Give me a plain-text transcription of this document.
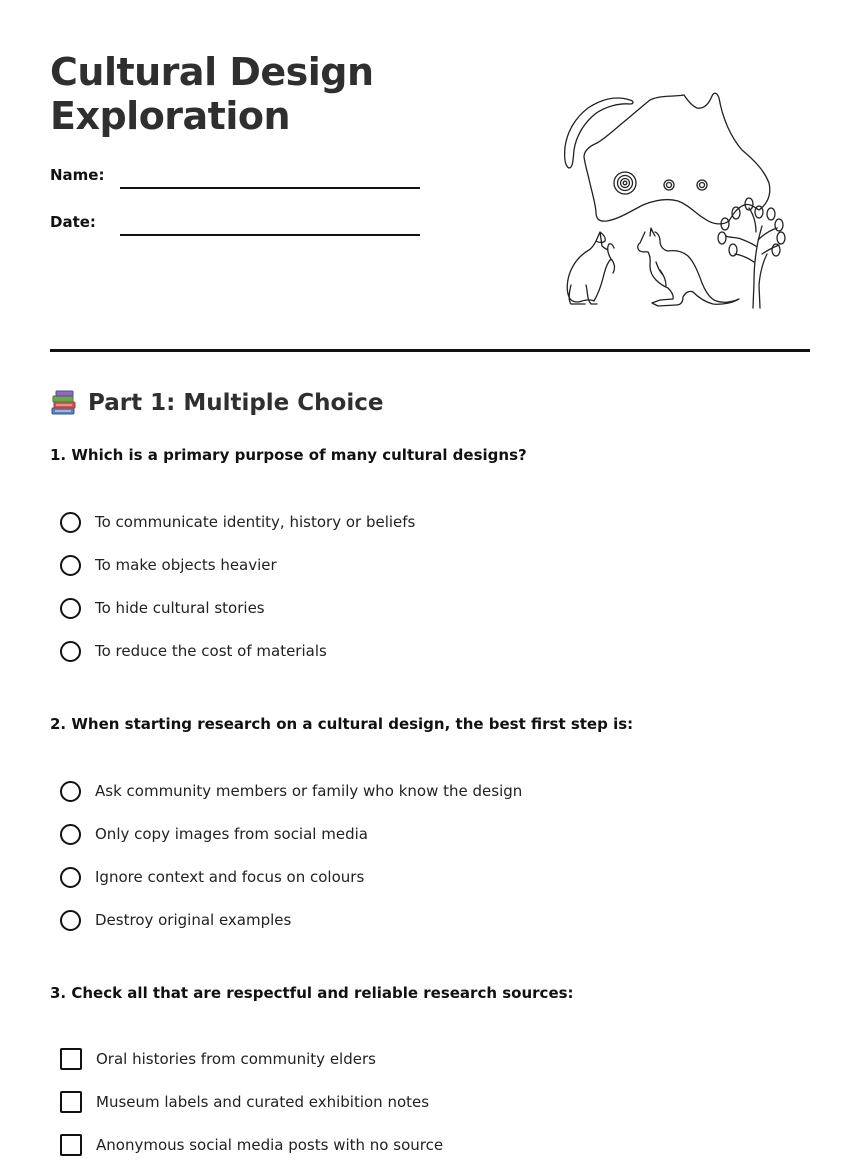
Cultural Design Exploration
Name:
Date:
Part 1: Multiple Choice
1. Which is a primary purpose of many cultural designs?
To communicate identity, history or beliefs
To make objects heavier
To hide cultural stories
To reduce the cost of materials
2. When starting research on a cultural design, the best first step is:
Ask community members or family who know the design
Only copy images from social media
Ignore context and focus on colours
Destroy original examples
3. Check all that are respectful and reliable research sources:
Oral histories from community elders
Museum labels and curated exhibition notes
Anonymous social media posts with no source
